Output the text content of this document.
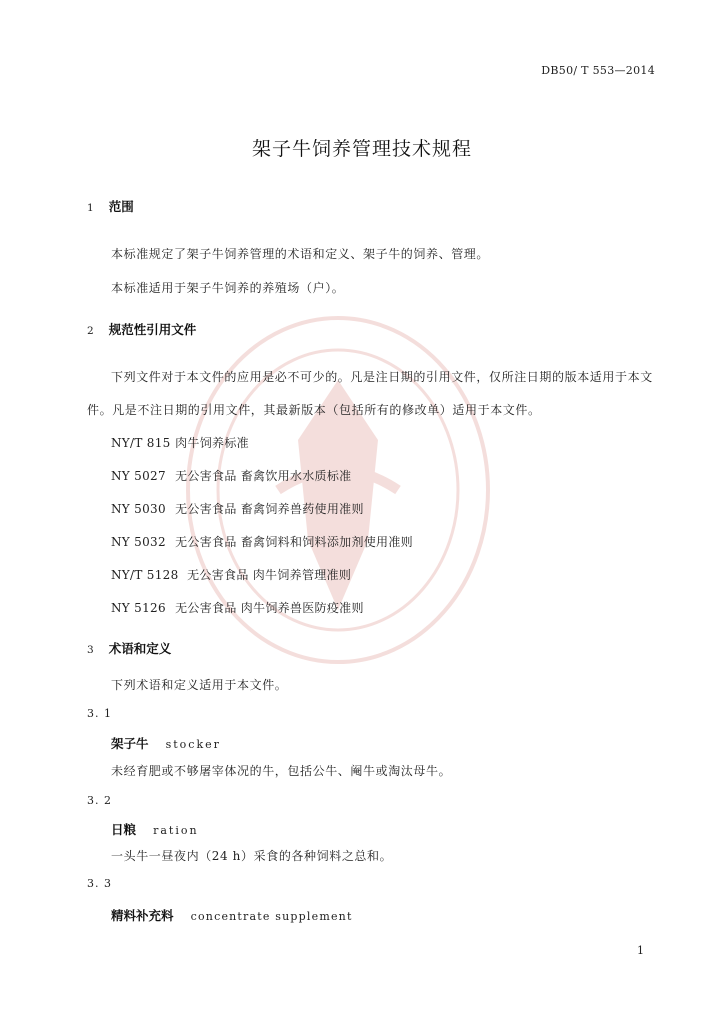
DB50/ T 553—2014
架子牛饲养管理技术规程
1 范围
本标准规定了架子牛饲养管理的术语和定义、架子牛的饲养、管理。
本标准适用于架子牛饲养的养殖场（户）。
2 规范性引用文件
下列文件对于本文件的应用是必不可少的。凡是注日期的引用文件，仅所注日期的版本适用于本文
件。凡是不注日期的引用文件，其最新版本（包括所有的修改单）适用于本文件。
NY/T 815 肉牛饲养标准
NY 5027 无公害食品 畜禽饮用水水质标准
NY 5030 无公害食品 畜禽饲养兽药使用准则
NY 5032 无公害食品 畜禽饲料和饲料添加剂使用准则
NY/T 5128 无公害食品 肉牛饲养管理准则
NY 5126 无公害食品 肉牛饲养兽医防疫准则
3 术语和定义
下列术语和定义适用于本文件。
3. 1
架子牛 stocker
未经育肥或不够屠宰体况的牛，包括公牛、阉牛或淘汰母牛。
3. 2
日粮 ration
一头牛一昼夜内（24 h）采食的各种饲料之总和。
3. 3
精料补充料 concentrate supplement
1
